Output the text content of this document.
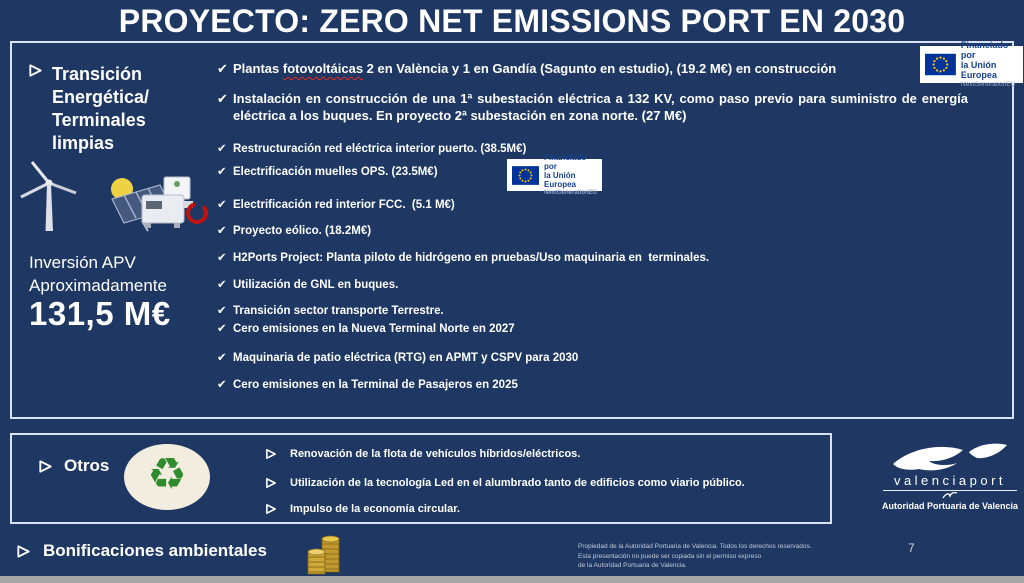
PROYECTO: ZERO NET EMISSIONS PORT EN 2030
Transición Energética/ Terminales limpias
Inversión APV
Aproximadamente
131,5 M€
✔ Plantas fotovoltáicas 2 en València y 1 en Gandía (Sagunto en estudio), (19.2 M€) en construcción
✔ Instalación en construcción de una 1ª subestación eléctrica a 132 KV, como paso previo para suministro de energía eléctrica a los buques. En proyecto 2ª subestación en zona norte. (27 M€)
✔ Restructuración red eléctrica interior puerto. (38.5M€)
✔ Electrificación muelles OPS. (23.5M€)
Financiado por
la Unión Europea
NextGenerationEU
✔ Electrificación red interior FCC.  (5.1 M€)
✔ Proyecto eólico. (18.2M€)
✔ H2Ports Project: Planta piloto de hidrógeno en pruebas/Uso maquinaria en  terminales.
✔ Utilización de GNL en buques.
✔ Transición sector transporte Terrestre.
✔ Cero emisiones en la Nueva Terminal Norte en 2027
✔ Maquinaria de patio eléctrica (RTG) en APMT y CSPV para 2030
✔ Cero emisiones en la Terminal de Pasajeros en 2025
Financiado por
la Unión Europea
NextGenerationEU
Otros ♻	Renovación de la flota de vehículos híbridos/eléctricos.
Utilización de la tecnología Led en el alumbrado tanto de edificios como viario público.
Impulso de la economía circular.
valenciaport
Autoridad Portuaria de Valencia
Bonificaciones ambientales	Propiedad de la Autoridad Portuaria de Valencia. Todos los derechos reservados.
Esta presentación no puede ser copiada sin el permiso expreso
de la Autoridad Portuaria de Valencia.
7
